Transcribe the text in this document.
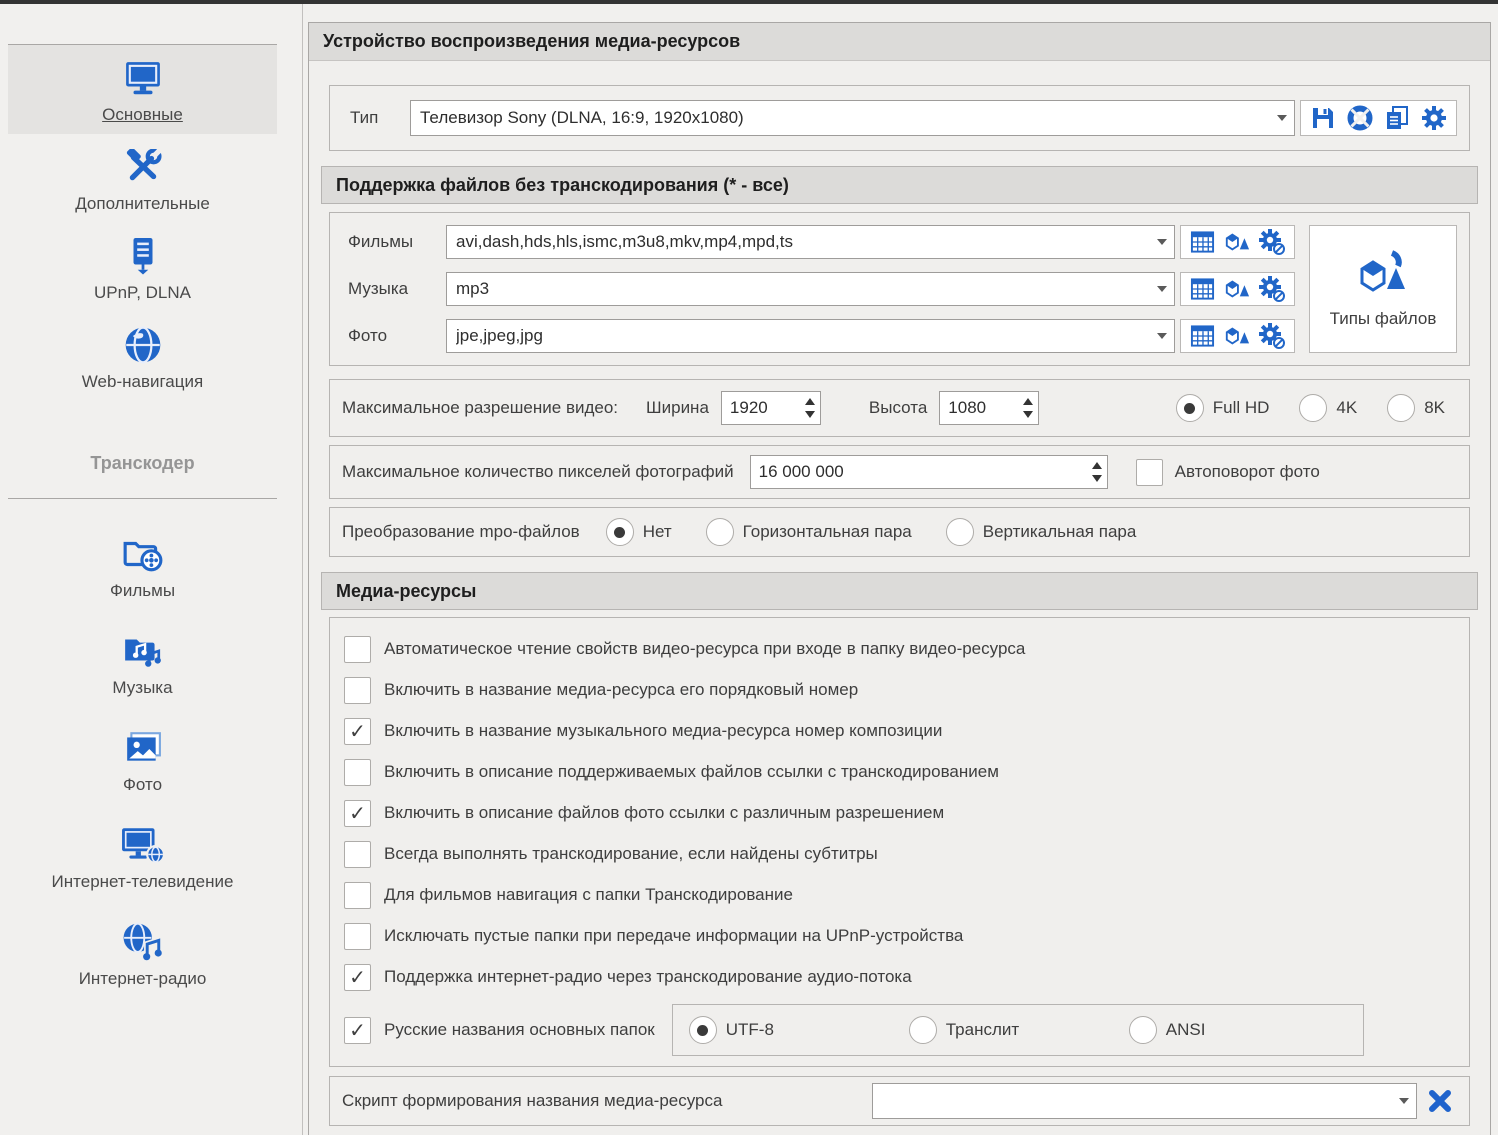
Основные
Дополнительные
UPnP, DLNA
Web-навигация
Транскодер
Фильмы
Музыка
Фото
Интернет-телевидение
Интернет-радио
Устройство воспроизведения медиа-ресурсов
Тип
Телевизор Sony (DLNA, 16:9, 1920x1080)
Поддержка файлов без транскодирования (* - все)
Фильмы
avi,dash,hds,hls,ismc,m3u8,mkv,mp4,mpd,ts
Музыка
mp3
Фото
jpe,jpeg,jpg
Типы файлов
Максимальное разрешение видео: Ширина
1920	Высота
1080	Full HD	4K	8K
Максимальное количество пикселей фотографий
16 000 000	Автоповорот фото
Преобразование mpo-файлов	Нет	Горизонтальная пара	Вертикальная пара
Медиа-ресурсы
Автоматическое чтение свойств видео-ресурса при входе в папку видео-ресурса
Включить в название медиа-ресурса его порядковый номер
✓ Включить в название музыкального медиа-ресурса номер композиции
Включить в описание поддерживаемых файлов ссылки с транскодированием
✓ Включить в описание файлов фото ссылки с различным разрешением
Всегда выполнять транскодирование, если найдены субтитры
Для фильмов навигация с папки Транскодирование
Исключать пустые папки при передаче информации на UPnP-устройства
✓ Поддержка интернет-радио через транскодирование аудио-потока
✓ Русские названия основных папок	UTF-8	Транслит	ANSI
Скрипт формирования названия медиа-ресурса
